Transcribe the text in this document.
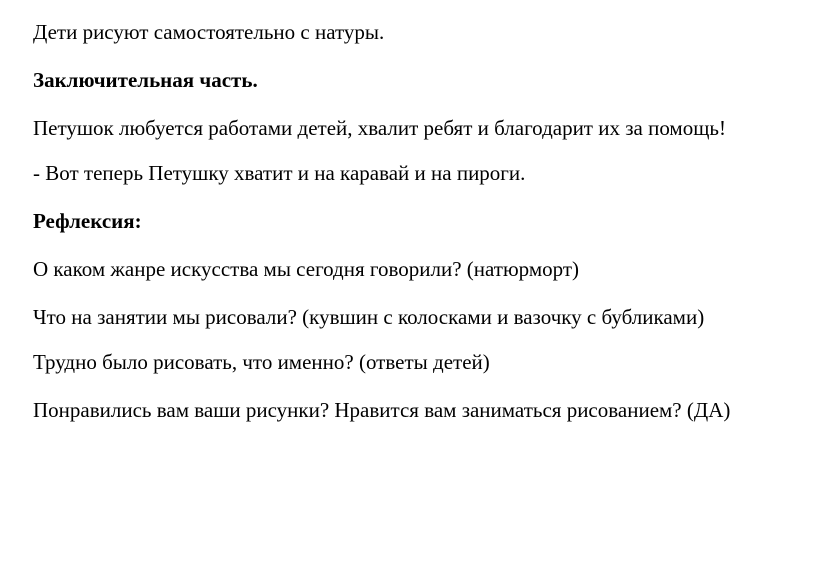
Дети рисуют самостоятельно с натуры.

Заключительная часть.

Петушок любуется работами детей, хвалит ребят и благодарит их за помощь!

- Вот теперь Петушку хватит и на каравай и на пироги.

Рефлексия:

О каком жанре искусства мы сегодня говорили? (натюрморт)

Что на занятии мы рисовали? (кувшин с колосками и вазочку с бубликами)

Трудно было рисовать, что именно? (ответы детей)

Понравились вам ваши рисунки? Нравится вам заниматься рисованием? (ДА)
